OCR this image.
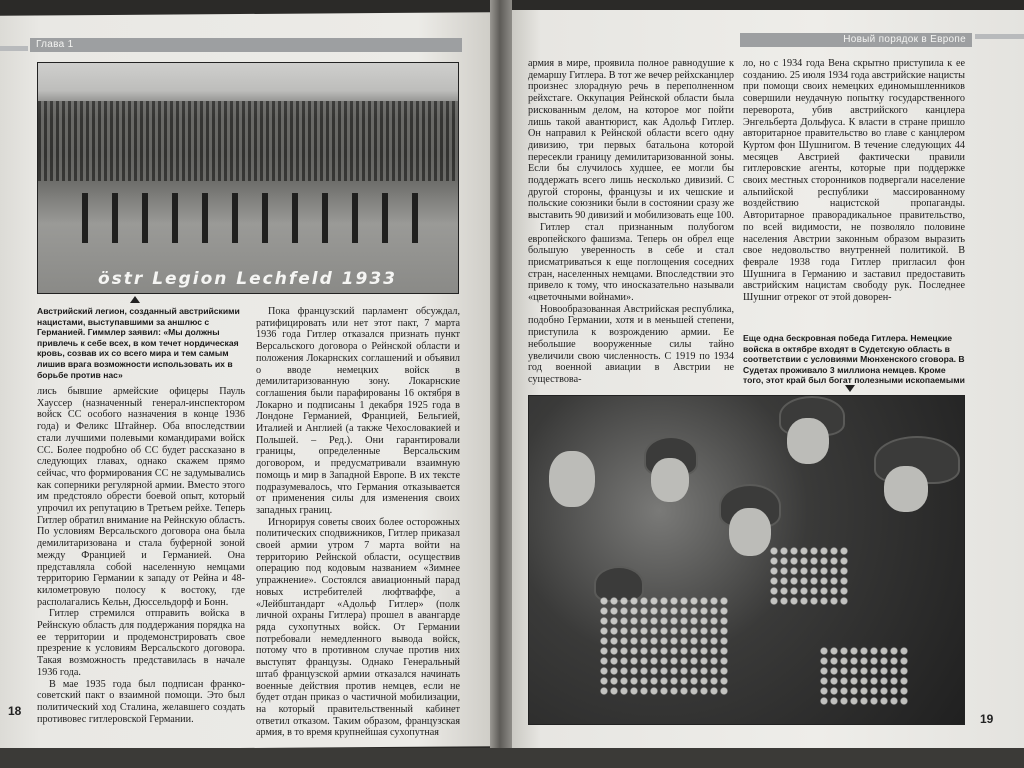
Глава 1	Новый порядок в Европе
östr Legion Lechfeld 1933
Австрийский легион, созданный австрийскими нацистами, выступавшими за аншлюс с Германией. Гиммлер заявил: «Мы должны привлечь к себе всех, в ком течет нордическая кровь, созвав их со всего мира и тем самым лишив врага возможности использовать их в борьбе против нас»

лись бывшие армейские офицеры Пауль Хауссер (назначенный генерал-инспектором войск СС особого назначения в конце 1936 года) и Феликс Штайнер. Оба впоследствии стали лучшими полевыми командирами войск СС. Более подробно об СС будет рассказано в следующих главах, однако скажем прямо сейчас, что формирования СС не задумывались как соперники регулярной армии. Вместо этого им предстояло обрести боевой опыт, который упрочил их репутацию в Третьем рейхе. Теперь Гитлер обратил внимание на Рейнскую область. По условиям Версальского договора она была демилитаризована и стала буферной зоной между Францией и Германией. Она представляла собой населенную немцами территорию Германии к западу от Рейна и 48-километровую полосу к востоку, где располагались Кельн, Дюссельдорф и Бонн.

Гитлер стремился отправить войска в Рейнскую область для поддержания порядка на ее территории и продемонстрировать свое презрение к условиям Версальского договора. Такая возможность представилась в начале 1936 года.

В мае 1935 года был подписан франко-советский пакт о взаимной помощи. Это был политический ход Сталина, желавшего создать противовес гитлеровской Германии.

Пока французский парламент обсуждал, ратифицировать или нет этот пакт, 7 марта 1936 года Гитлер отказался признать пункт Версальского договора о Рейнской области и положения Локарнских соглашений и объявил о вводе немецких войск в демилитаризованную зону. Локарнские соглашения были парафированы 16 октября в Локарно и подписаны 1 декабря 1925 года в Лондоне Германией, Францией, Бельгией, Италией и Англией (а также Чехословакией и Польшей. – Ред.). Они гарантировали границы, определенные Версальским договором, и предусматривали взаимную помощь и мир в Западной Европе. В их тексте подразумевалось, что Германия отказывается от применения силы для изменения своих западных границ.

Игнорируя советы своих более осторожных политических сподвижников, Гитлер приказал своей армии утром 7 марта войти на территорию Рейнской области, осуществив операцию под кодовым названием «Зимнее упражнение». Состоялся авиационный парад новых истребителей люфтваффе, а «Лейбштандарт «Адольф Гитлер» (полк личной охраны Гитлера) прошел в авангарде ряда сухопутных войск. От Германии потребовали немедленного вывода войск, потому что в противном случае против них выступят французы. Однако Генеральный штаб французской армии отказался начинать военные действия против немцев, если не будет отдан приказ о частичной мобилизации, на который правительственный кабинет ответил отказом. Таким образом, французская армия, в то время крупнейшая сухопутная

18

армия в мире, проявила полное равнодушие к демаршу Гитлера. В тот же вечер рейхсканцлер произнес злорадную речь в переполненном рейхстаге. Оккупация Рейнской области была рискованным делом, на которое мог пойти лишь такой авантюрист, как Адольф Гитлер. Он направил к Рейнской области всего одну дивизию, три первых батальона которой пересекли границу демилитаризованной зоны. Если бы случилось худшее, ее могли бы поддержать всего лишь несколько дивизий. С другой стороны, французы и их чешские и польские союзники были в состоянии сразу же выставить 90 дивизий и мобилизовать еще 100.

Гитлер стал признанным полубогом европейского фашизма. Теперь он обрел еще большую уверенность в себе и стал присматриваться к еще поглощения соседних стран, населенных немцами. Впоследствии это привело к тому, что иносказательно называли «цветочными войнами».

Новообразованная Австрийская республика, подобно Германии, хотя и в меньшей степени, приступила к возрождению армии. Ее небольшие вооруженные силы тайно увеличили свою численность. С 1919 по 1934 год военной авиации в Австрии не существова-

ло, но с 1934 года Вена скрытно приступила к ее созданию. 25 июля 1934 года австрийские нацисты при помощи своих немецких единомышленников совершили неудачную попытку государственного переворота, убив австрийского канцлера Энгельберта Дольфуса. К власти в стране пришло авторитарное правительство во главе с канцлером Куртом фон Шушнигом. В течение следующих 44 месяцев Австрией фактически правили гитлеровские агенты, которые при поддержке своих местных сторонников подвергали население альпийской республики массированному воздействию нацистской пропаганды. Авторитарное праворадикальное правительство, по всей видимости, не позволяло половине населения Австрии законным образом выразить свое недовольство внутренней политикой. В феврале 1938 года Гитлер пригласил фон Шушнига в Германию и заставил предоставить австрийским нацистам свободу рук. Последнее Шушниг отреког от этой доворен-

Еще одна бескровная победа Гитлера. Немецкие войска в октябре входят в Судетскую область в соответствии с условиями Мюнхенского сговора. В Судетах проживало 3 миллиона немцев. Кроме того, этот край был богат полезными ископаемыми
19
